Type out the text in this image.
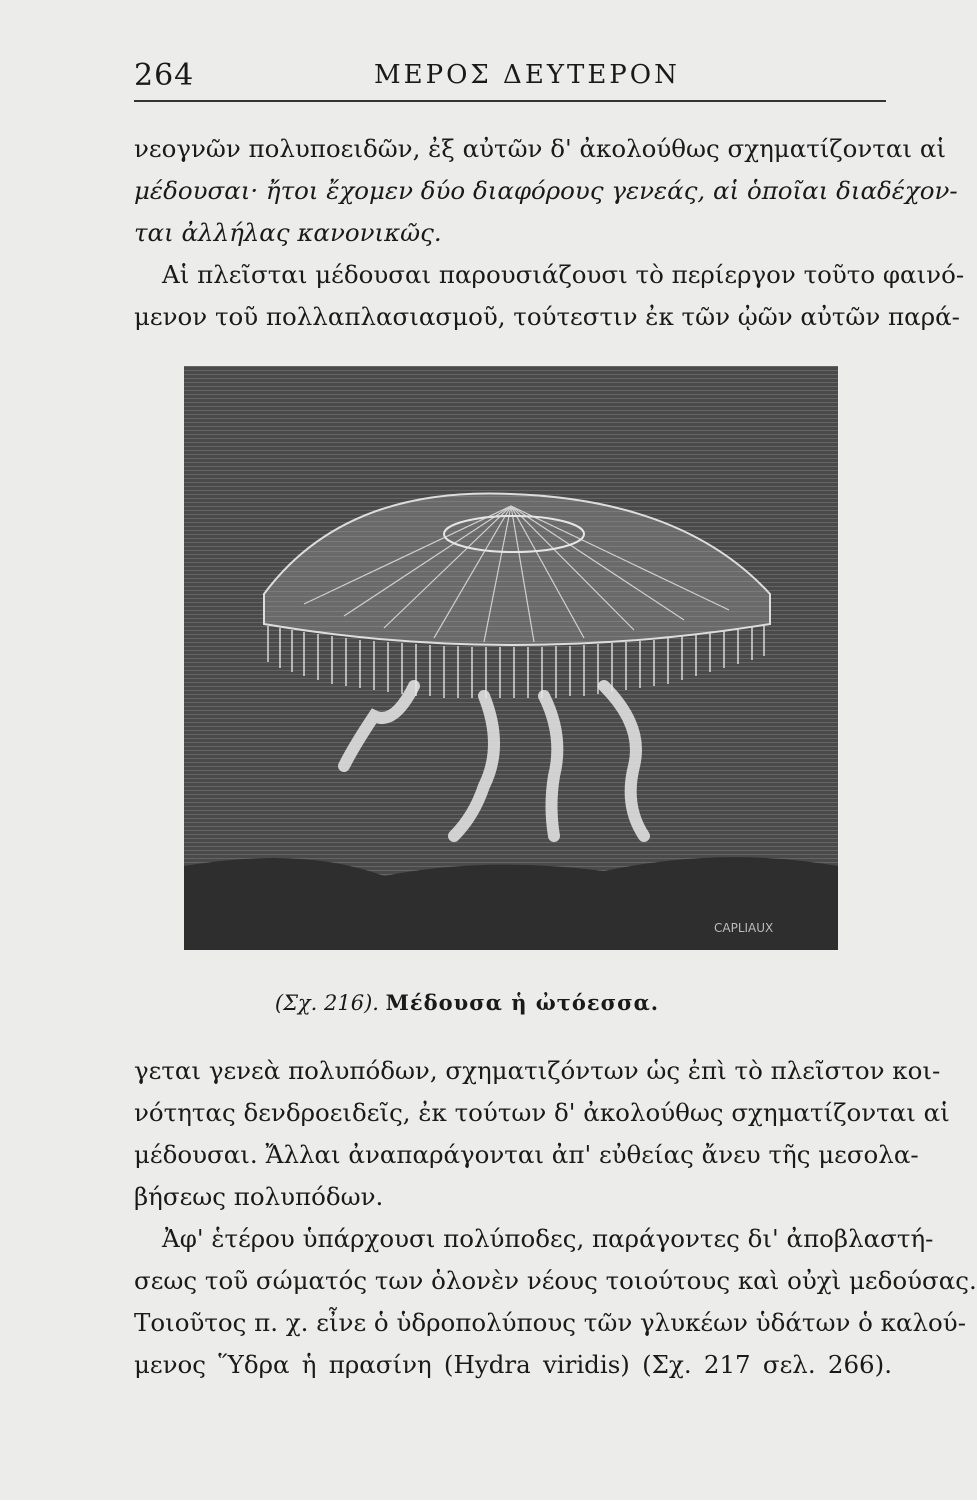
264	ΜΕΡΟΣ ΔΕΥΤΕΡΟΝ
νεογνῶν πολυποειδῶν, ἐξ αὐτῶν δ' ἀκολούθως σχηματίζονται αἱ
μέδουσαι· ἤτοι ἔχομεν δύο διαφόρους γενεάς, αἱ ὁποῖαι διαδέχον-
ται ἀλλήλας κανονικῶς.
Αἱ πλεῖσται μέδουσαι παρουσιάζουσι τὸ περίεργον τοῦτο φαινό-
μενον τοῦ πολλαπλασιασμοῦ, τούτεστιν ἐκ τῶν ᾠῶν αὐτῶν παρά-
CAPLIAUX
(Σχ. 216). Μέδουσα ἡ ὠτόεσσα.
γεται γενεὰ πολυπόδων, σχηματιζόντων ὡς ἐπὶ τὸ πλεῖστον κοι-
νότητας δενδροειδεῖς, ἐκ τούτων δ' ἀκολούθως σχηματίζονται αἱ
μέδουσαι. Ἄλλαι ἀναπαράγονται ἀπ' εὐθείας ἄνευ τῆς μεσολα-
βήσεως πολυπόδων.
Ἀφ' ἑτέρου ὑπάρχουσι πολύποδες, παράγοντες δι' ἀποβλαστή-
σεως τοῦ σώματός των ὁλονὲν νέους τοιούτους καὶ οὐχὶ μεδούσας.
Τοιοῦτος π. χ. εἶνε ὁ ὑδροπολύπους τῶν γλυκέων ὑδάτων ὁ καλού-
μενος Ὕδρα ἡ πρασίνη (Hydra viridis) (Σχ. 217 σελ. 266).
